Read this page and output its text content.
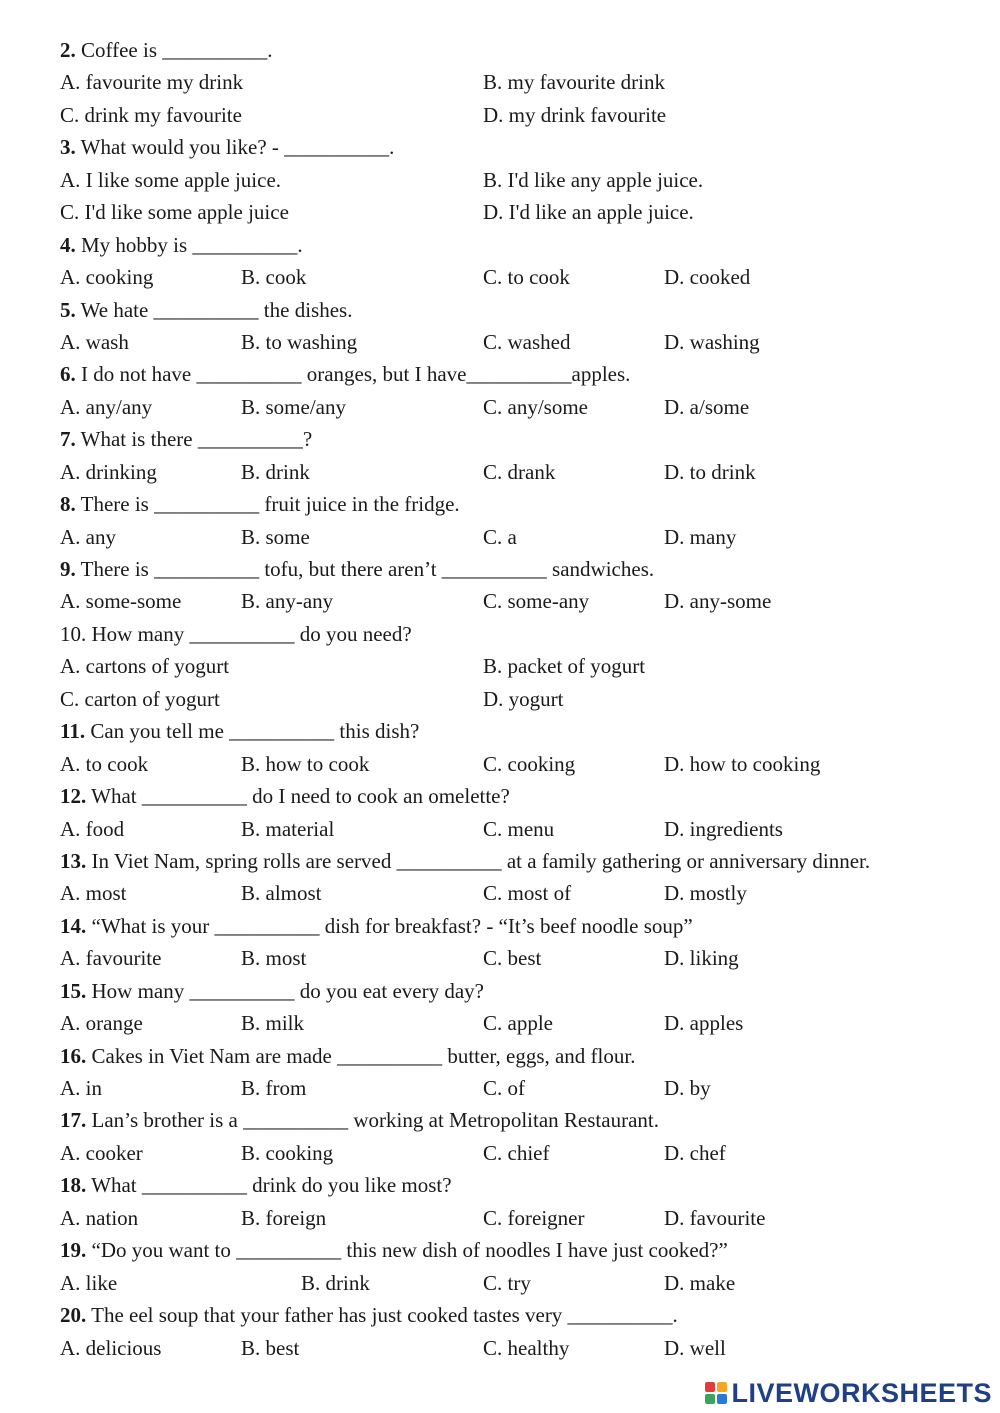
2. Coffee is __________.
A. favourite my drink	B. my favourite drink
C. drink my favourite	D. my drink favourite
3. What would you like? - __________.
A. I like some apple juice.	B. I'd like any apple juice.
C. I'd like some apple juice	D. I'd like an apple juice.
4. My hobby is __________.
A. cooking	B. cook	C. to cook	D. cooked
5. We hate __________ the dishes.
A. wash	B. to washing	C. washed	D. washing
6. I do not have __________ oranges, but I have__________apples.
A. any/any	B. some/any	C. any/some	D. a/some
7. What is there __________?
A. drinking	B. drink	C. drank	D. to drink
8. There is __________ fruit juice in the fridge.
A. any	B. some	C. a	D. many
9. There is __________ tofu, but there aren’t __________ sandwiches.
A. some-some	B. any-any	C. some-any	D. any-some
10. How many __________ do you need?
A. cartons of yogurt	B. packet of yogurt
C. carton of yogurt	D. yogurt
11. Can you tell me __________ this dish?
A. to cook	B. how to cook	C. cooking	D. how to cooking
12. What __________ do I need to cook an omelette?
A. food	B. material	C. menu	D. ingredients
13. In Viet Nam, spring rolls are served __________ at a family gathering or anniversary dinner.
A. most	B. almost	C. most of	D. mostly
14. “What is your __________ dish for breakfast? - “It’s beef noodle soup”
A. favourite	B. most	C. best	D. liking
15. How many __________ do you eat every day?
A. orange	B. milk	C. apple	D. apples
16. Cakes in Viet Nam are made __________ butter, eggs, and flour.
A. in	B. from	C. of	D. by
17. Lan’s brother is a __________ working at Metropolitan Restaurant.
A. cooker	B. cooking	C. chief	D. chef
18. What __________ drink do you like most?
A. nation	B. foreign	C. foreigner	D. favourite
19. “Do you want to __________ this new dish of noodles I have just cooked?”
A. like	B. drink	C. try	D. make
20. The eel soup that your father has just cooked tastes very __________.
A. delicious	B. best	C. healthy	D. well
LIVEWORKSHEETS
